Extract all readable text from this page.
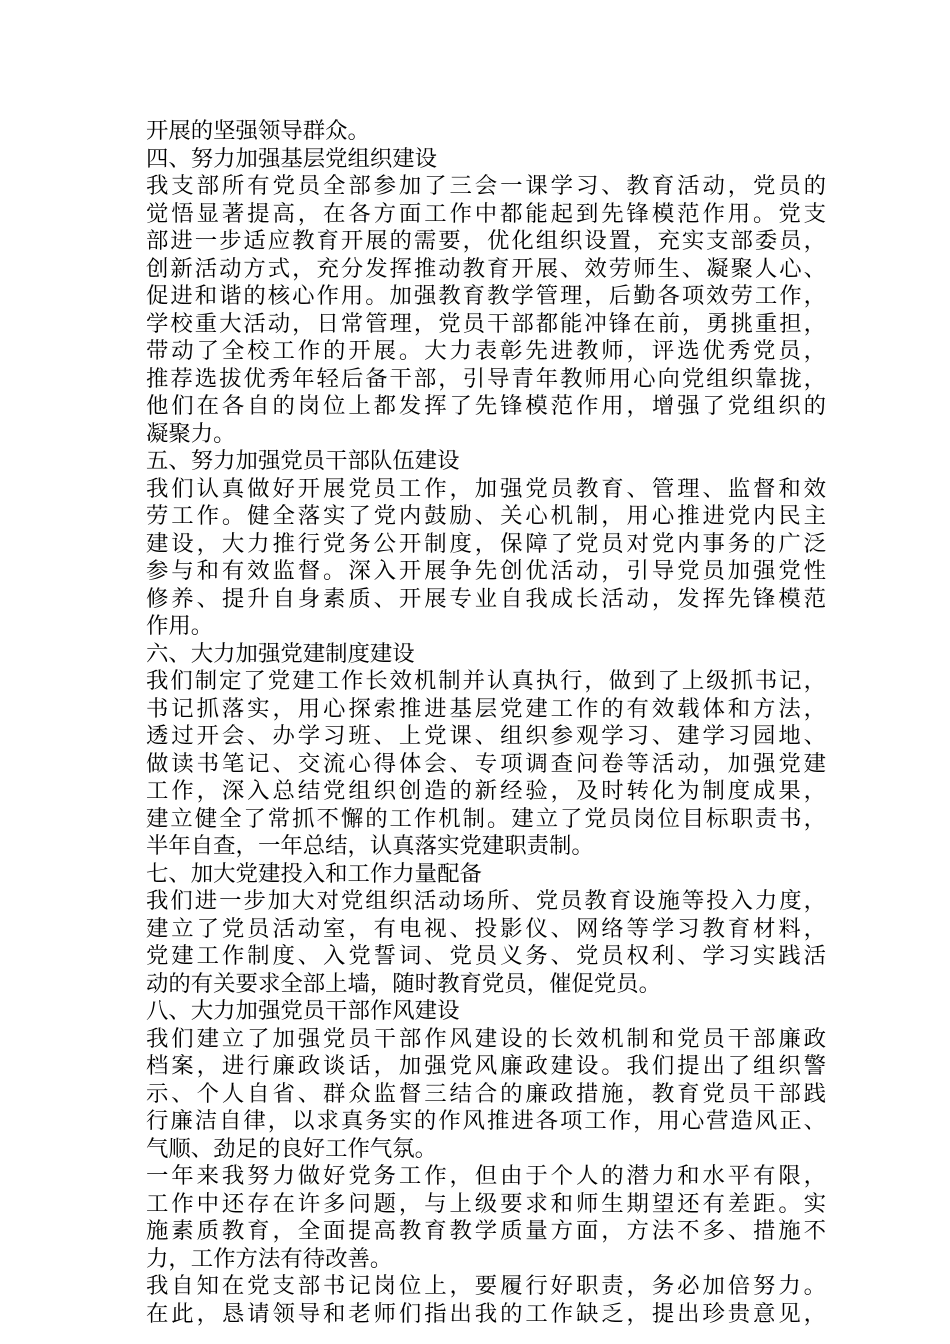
开展的坚强领导群众。
四、努力加强基层党组织建设
我支部所有党员全部参加了三会一课学习、教育活动，党员的
觉悟显著提高，在各方面工作中都能起到先锋模范作用。党支
部进一步适应教育开展的需要，优化组织设置，充实支部委员，
创新活动方式，充分发挥推动教育开展、效劳师生、凝聚人心、
促进和谐的核心作用。加强教育教学管理，后勤各项效劳工作，
学校重大活动，日常管理，党员干部都能冲锋在前，勇挑重担，
带动了全校工作的开展。大力表彰先进教师，评选优秀党员，
推荐选拔优秀年轻后备干部，引导青年教师用心向党组织靠拢，
他们在各自的岗位上都发挥了先锋模范作用，增强了党组织的
凝聚力。
五、努力加强党员干部队伍建设
我们认真做好开展党员工作，加强党员教育、管理、监督和效
劳工作。健全落实了党内鼓励、关心机制，用心推进党内民主
建设，大力推行党务公开制度，保障了党员对党内事务的广泛
参与和有效监督。深入开展争先创优活动，引导党员加强党性
修养、提升自身素质、开展专业自我成长活动，发挥先锋模范
作用。
六、大力加强党建制度建设
我们制定了党建工作长效机制并认真执行，做到了上级抓书记，
书记抓落实，用心探索推进基层党建工作的有效载体和方法，
透过开会、办学习班、上党课、组织参观学习、建学习园地、
做读书笔记、交流心得体会、专项调查问卷等活动，加强党建
工作，深入总结党组织创造的新经验，及时转化为制度成果，
建立健全了常抓不懈的工作机制。建立了党员岗位目标职责书，
半年自查，一年总结，认真落实党建职责制。
七、加大党建投入和工作力量配备
我们进一步加大对党组织活动场所、党员教育设施等投入力度，
建立了党员活动室，有电视、投影仪、网络等学习教育材料，
党建工作制度、入党誓词、党员义务、党员权利、学习实践活
动的有关要求全部上墙，随时教育党员，催促党员。
八、大力加强党员干部作风建设
我们建立了加强党员干部作风建设的长效机制和党员干部廉政
档案，进行廉政谈话，加强党风廉政建设。我们提出了组织警
示、个人自省、群众监督三结合的廉政措施，教育党员干部践
行廉洁自律，以求真务实的作风推进各项工作，用心营造风正、
气顺、劲足的良好工作气氛。
一年来我努力做好党务工作，但由于个人的潜力和水平有限，
工作中还存在许多问题，与上级要求和师生期望还有差距。实
施素质教育，全面提高教育教学质量方面，方法不多、措施不
力，工作方法有待改善。
我自知在党支部书记岗位上，要履行好职责，务必加倍努力。
在此，恳请领导和老师们指出我的工作缺乏，提出珍贵意见，
